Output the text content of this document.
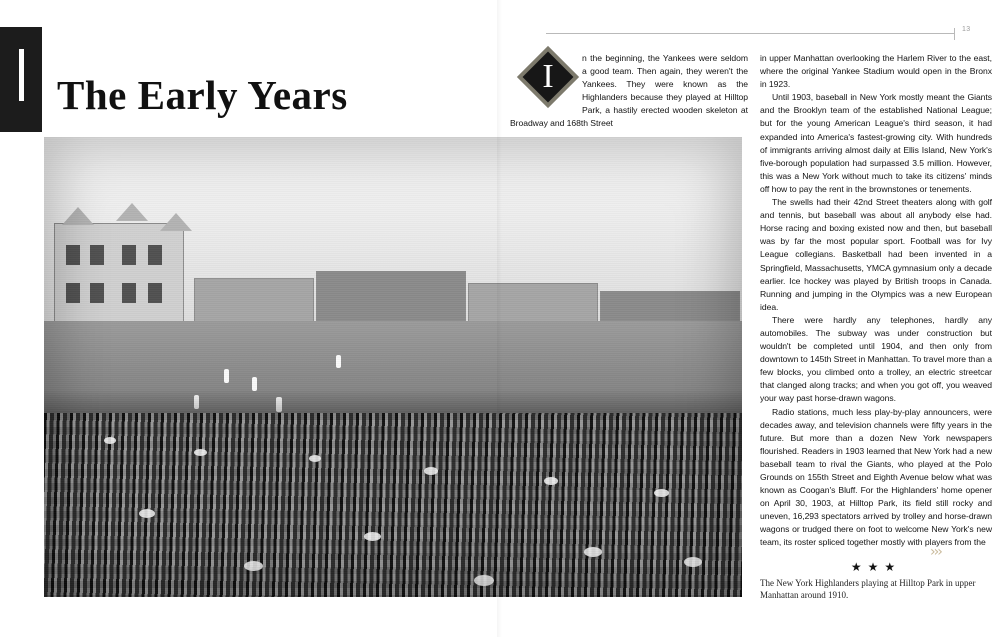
The Early Years
13
I	n the beginning, the Yankees were seldom a good team. Then again, they weren't the Yankees. They were known as the Highlanders because they played at Hilltop Park, a hastily erected wooden skeleton at Broadway and 168th Street

in upper Manhattan overlooking the Harlem River to the east, where the original Yankee Stadium would open in the Bronx in 1923.

Until 1903, baseball in New York mostly meant the Giants and the Brooklyn team of the established National League; but for the young American League's third season, it had expanded into America's fastest-growing city. With hundreds of immigrants arriving almost daily at Ellis Island, New York's five-borough population had surpassed 3.5 million. However, this was a New York without much to take its citizens' minds off how to pay the rent in the brownstones or tenements.

The swells had their 42nd Street theaters along with golf and tennis, but baseball was about all anybody else had. Horse racing and boxing existed now and then, but baseball was by far the most popular sport. Football was for Ivy League collegians. Basketball had been invented in a Springfield, Massachusetts, YMCA gymnasium only a decade earlier. Ice hockey was played by British troops in Canada. Running and jumping in the Olympics was a new European idea.

There were hardly any telephones, hardly any automobiles. The subway was under construction but wouldn't be completed until 1904, and then only from downtown to 145th Street in Manhattan. To travel more than a few blocks, you climbed onto a trolley, an electric streetcar that clanged along tracks; and when you got off, you weaved your way past horse-drawn wagons.

Radio stations, much less play-by-play announcers, were decades away, and television channels were fifty years in the future. But more than a dozen New York newspapers flourished. Readers in 1903 learned that New York had a new baseball team to rival the Giants, who played at the Polo Grounds on 155th Street and Eighth Avenue below what was known as Coogan's Bluff. For the Highlanders' home opener on April 30, 1903, at Hilltop Park, its field still rocky and uneven, 16,293 spectators arrived by trolley and horse-drawn wagons or trudged there on foot to welcome New York's new team, its roster spliced together mostly with players from the

›››
★★★
The New York Highlanders playing at Hilltop Park in upper Manhattan around 1910.
